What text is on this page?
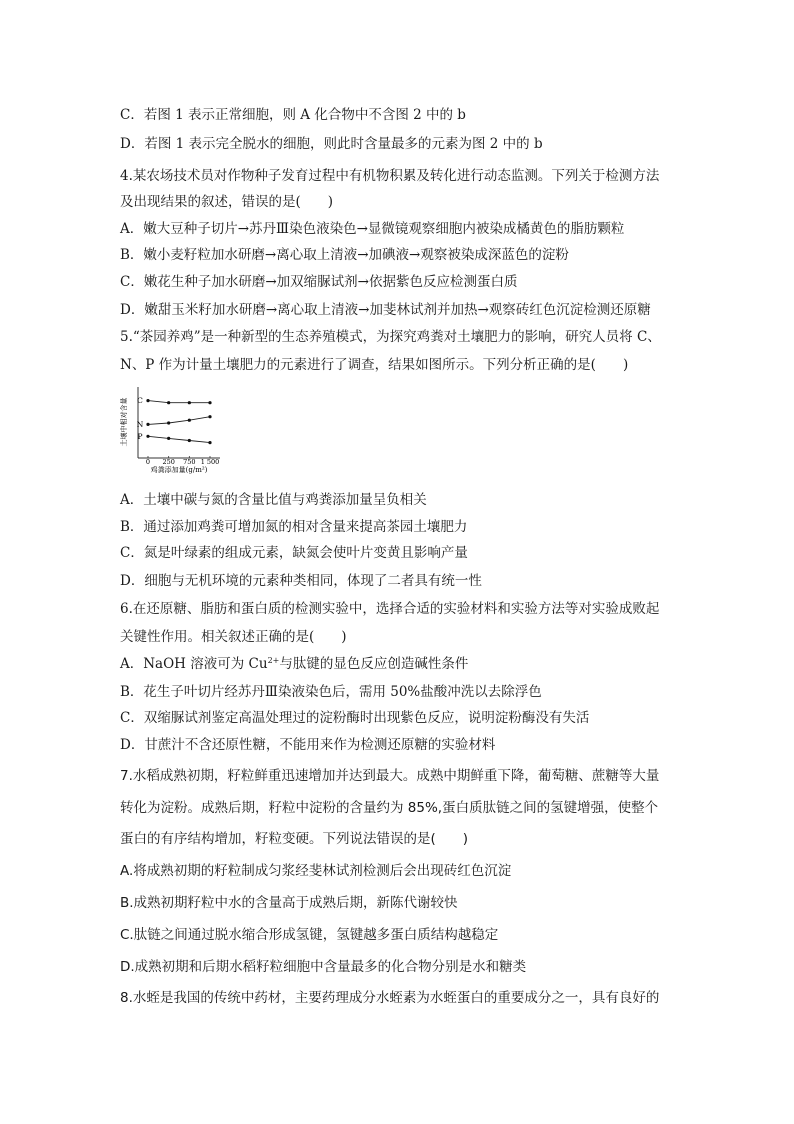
C．若图 1 表示正常细胞，则 A 化合物中不含图 2 中的 b
D．若图 1 表示完全脱水的细胞，则此时含量最多的元素为图 2 中的 b
4.某农场技术员对作物种子发育过程中有机物积累及转化进行动态监测。下列关于检测方法
及出现结果的叙述，错误的是(　　)
A．嫩大豆种子切片→苏丹Ⅲ染色液染色→显微镜观察细胞内被染成橘黄色的脂肪颗粒
B．嫩小麦籽粒加水研磨→离心取上清液→加碘液→观察被染成深蓝色的淀粉
C．嫩花生种子加水研磨→加双缩脲试剂→依据紫色反应检测蛋白质
D．嫩甜玉米籽加水研磨→离心取上清液→加斐林试剂并加热→观察砖红色沉淀检测还原糖
5.“茶园养鸡”是一种新型的生态养殖模式，为探究鸡粪对土壤肥力的影响，研究人员将 C、
N、P 作为计量土壤肥力的元素进行了调查，结果如图所示。下列分析正确的是(　　)
土壤中相对含量
鸡粪添加量(g/m²)
0 250 750 1 500
C
N
P
A．土壤中碳与氮的含量比值与鸡粪添加量呈负相关
B．通过添加鸡粪可增加氮的相对含量来提高茶园土壤肥力
C．氮是叶绿素的组成元素，缺氮会使叶片变黄且影响产量
D．细胞与无机环境的元素种类相同，体现了二者具有统一性
6.在还原糖、脂肪和蛋白质的检测实验中，选择合适的实验材料和实验方法等对实验成败起
关键性作用。相关叙述正确的是(　　)
A．NaOH 溶液可为 $Cu^{2+}$与肽键的显色反应创造碱性条件
B．花生子叶切片经苏丹Ⅲ染液染色后，需用 50%盐酸冲洗以去除浮色
C．双缩脲试剂鉴定高温处理过的淀粉酶时出现紫色反应，说明淀粉酶没有失活
D．甘蔗汁不含还原性糖，不能用来作为检测还原糖的实验材料
7.水稻成熟初期，籽粒鲜重迅速增加并达到最大。成熟中期鲜重下降，葡萄糖、蔗糖等大量
转化为淀粉。成熟后期，籽粒中淀粉的含量约为 85%,蛋白质肽链之间的氢键增强，使整个
蛋白的有序结构增加，籽粒变硬。下列说法错误的是(　　)
A.将成熟初期的籽粒制成匀浆经斐林试剂检测后会出现砖红色沉淀
B.成熟初期籽粒中水的含量高于成熟后期，新陈代谢较快
C.肽链之间通过脱水缩合形成氢键，氢键越多蛋白质结构越稳定
D.成熟初期和后期水稻籽粒细胞中含量最多的化合物分别是水和糖类
8.水蛭是我国的传统中药材，主要药理成分水蛭素为水蛭蛋白的重要成分之一，具有良好的
